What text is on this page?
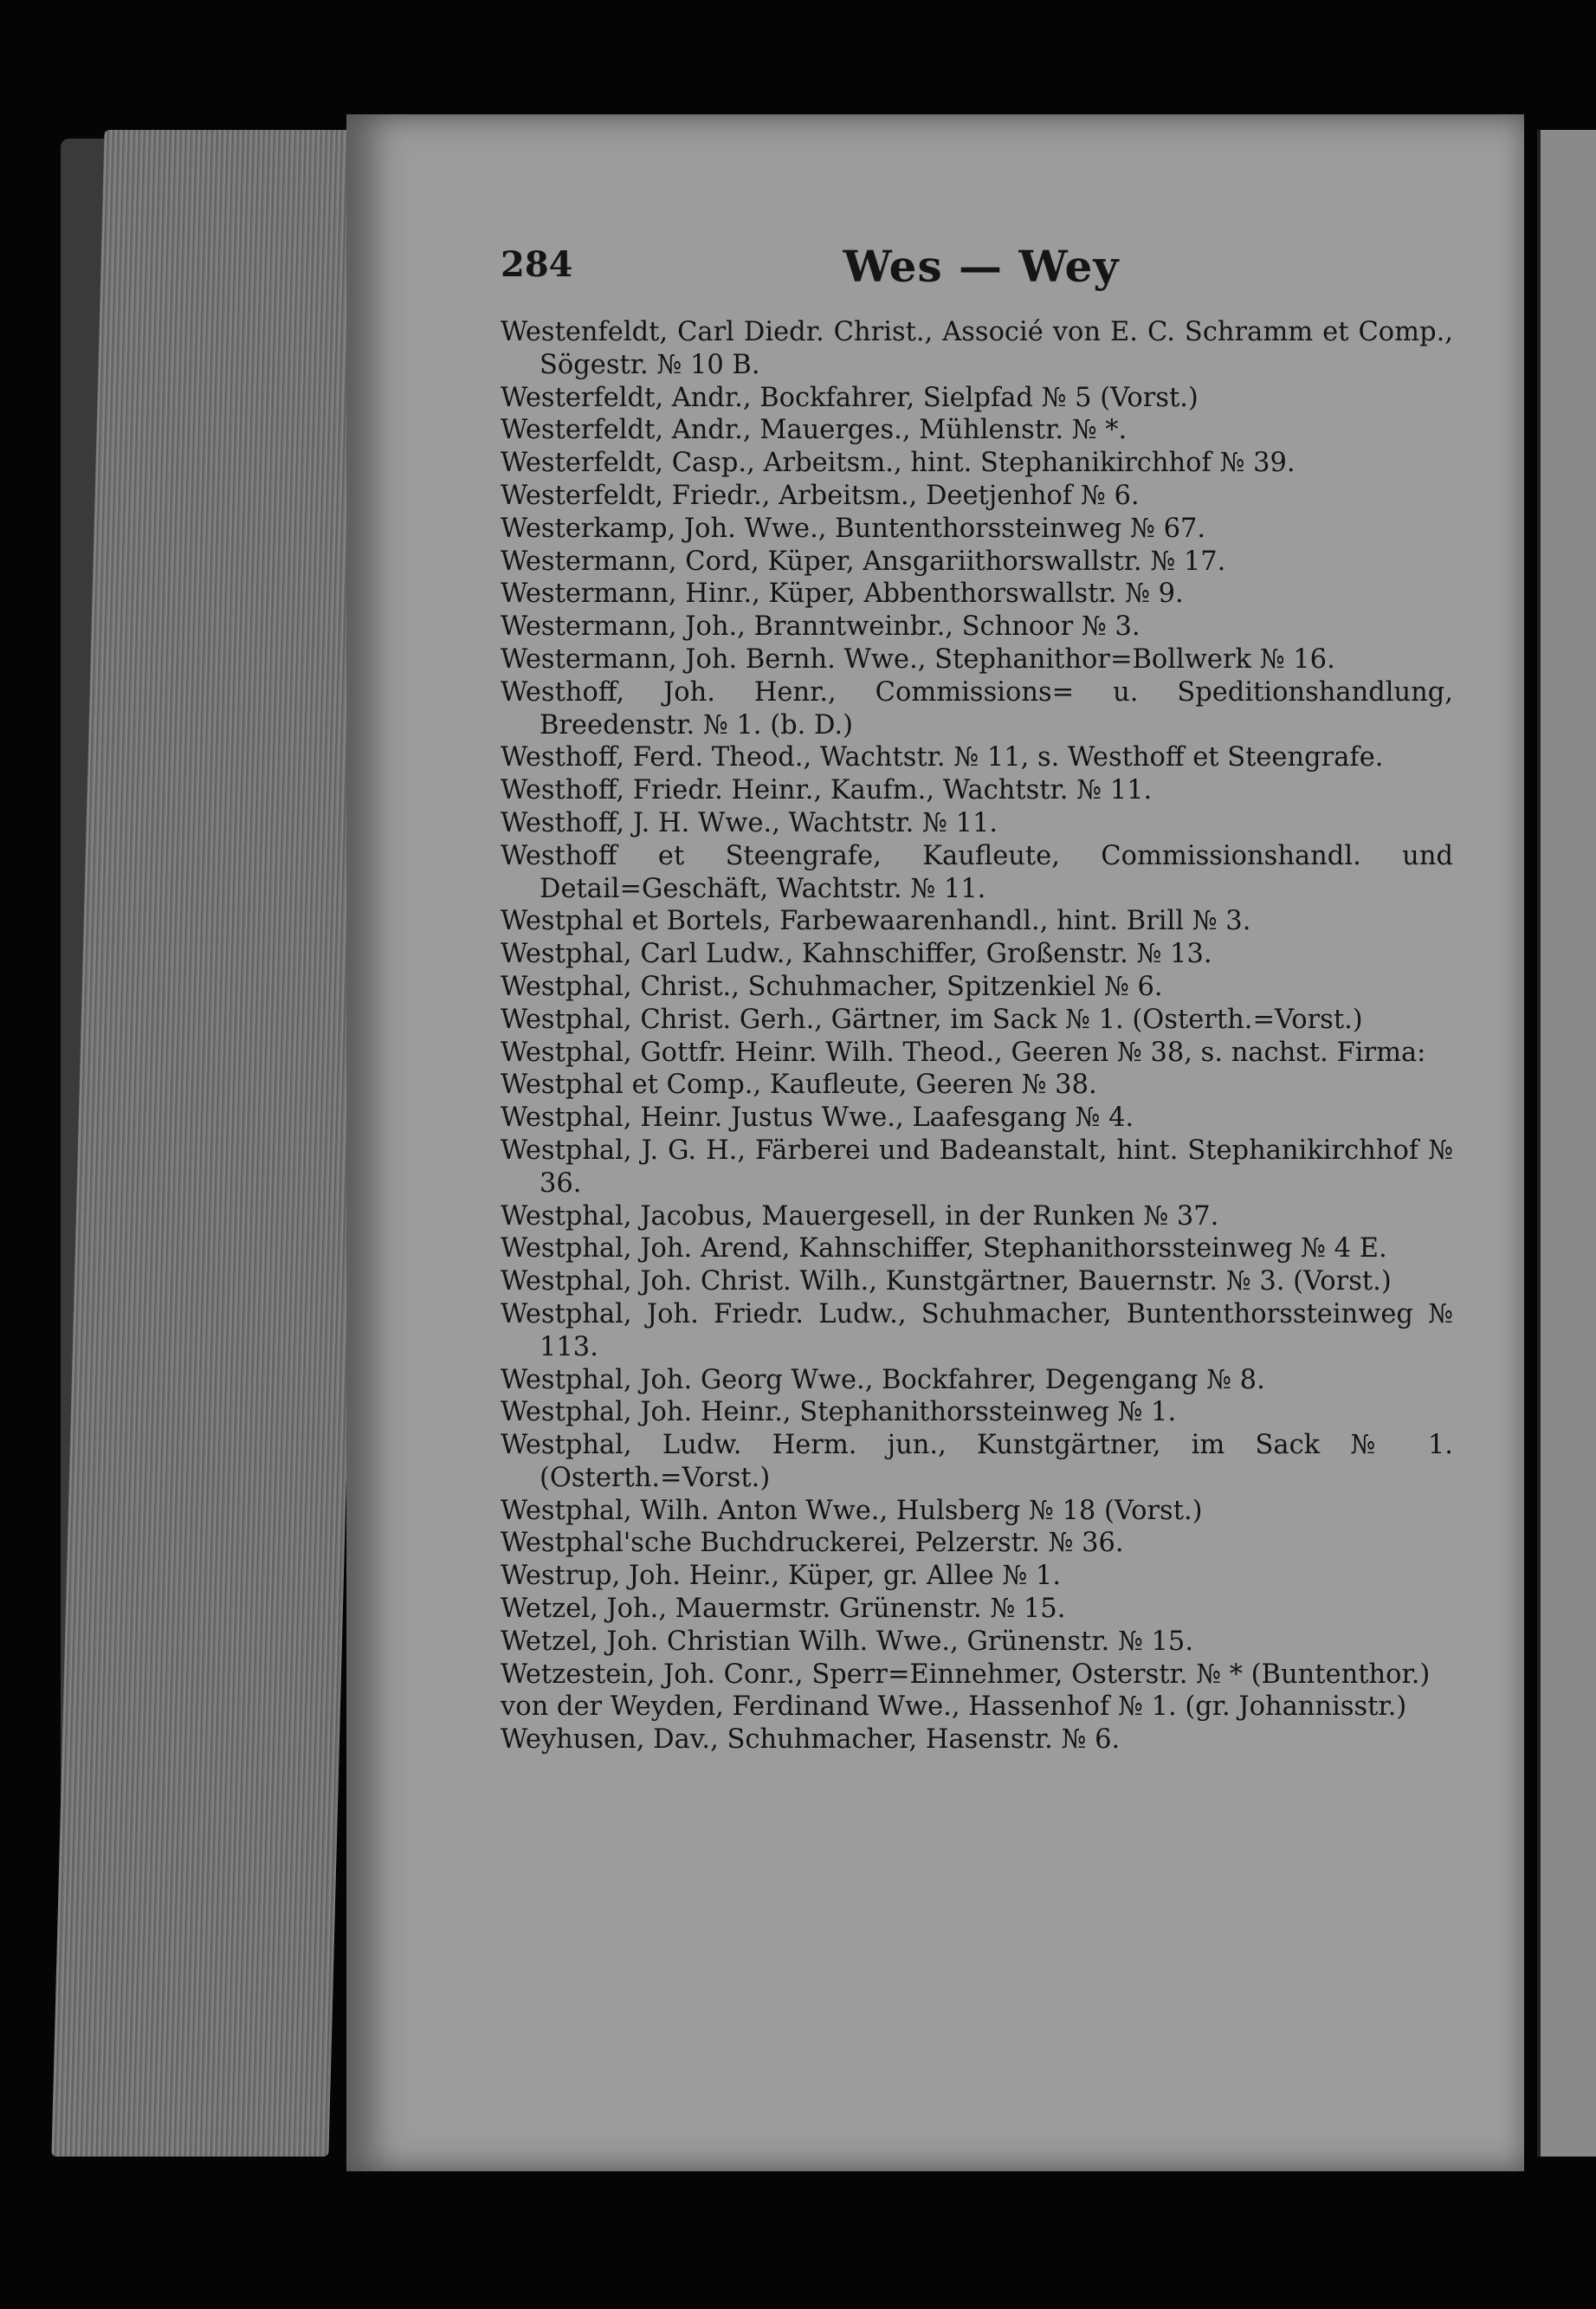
284	Wes — Wey

Westenfeldt, Carl Diedr. Christ., Associé von E. C. Schramm et Comp., Sögestr. № 10 B.

Westerfeldt, Andr., Bockfahrer, Sielpfad № 5 (Vorst.)

Westerfeldt, Andr., Mauerges., Mühlenstr. № *.

Westerfeldt, Casp., Arbeitsm., hint. Stephanikirchhof № 39.

Westerfeldt, Friedr., Arbeitsm., Deetjenhof № 6.

Westerkamp, Joh. Wwe., Buntenthorssteinweg № 67.

Westermann, Cord, Küper, Ansgariithorswallstr. № 17.

Westermann, Hinr., Küper, Abbenthorswallstr. № 9.

Westermann, Joh., Branntweinbr., Schnoor № 3.

Westermann, Joh. Bernh. Wwe., Stephanithor=Bollwerk № 16.

Westhoff, Joh. Henr., Commissions= u. Speditionshandlung, Breedenstr. № 1. (b. D.)

Westhoff, Ferd. Theod., Wachtstr. № 11, s. Westhoff et Steengrafe.

Westhoff, Friedr. Heinr., Kaufm., Wachtstr. № 11.

Westhoff, J. H. Wwe., Wachtstr. № 11.

Westhoff et Steengrafe, Kaufleute, Commissionshandl. und Detail=Geschäft, Wachtstr. № 11.

Westphal et Bortels, Farbewaarenhandl., hint. Brill № 3.

Westphal, Carl Ludw., Kahnschiffer, Großenstr. № 13.

Westphal, Christ., Schuhmacher, Spitzenkiel № 6.

Westphal, Christ. Gerh., Gärtner, im Sack № 1. (Osterth.=Vorst.)

Westphal, Gottfr. Heinr. Wilh. Theod., Geeren № 38, s. nachst. Firma:

Westphal et Comp., Kaufleute, Geeren № 38.

Westphal, Heinr. Justus Wwe., Laafesgang № 4.

Westphal, J. G. H., Färberei und Badeanstalt, hint. Stephanikirchhof № 36.

Westphal, Jacobus, Mauergesell, in der Runken № 37.

Westphal, Joh. Arend, Kahnschiffer, Stephanithorssteinweg № 4 E.

Westphal, Joh. Christ. Wilh., Kunstgärtner, Bauernstr. № 3. (Vorst.)

Westphal, Joh. Friedr. Ludw., Schuhmacher, Buntenthorssteinweg № 113.

Westphal, Joh. Georg Wwe., Bockfahrer, Degengang № 8.

Westphal, Joh. Heinr., Stephanithorssteinweg № 1.

Westphal, Ludw. Herm. jun., Kunstgärtner, im Sack № 1. (Osterth.=Vorst.)

Westphal, Wilh. Anton Wwe., Hulsberg № 18 (Vorst.)

Westphal'sche Buchdruckerei, Pelzerstr. № 36.

Westrup, Joh. Heinr., Küper, gr. Allee № 1.

Wetzel, Joh., Mauermstr. Grünenstr. № 15.

Wetzel, Joh. Christian Wilh. Wwe., Grünenstr. № 15.

Wetzestein, Joh. Conr., Sperr=Einnehmer, Osterstr. № * (Buntenthor.)

von der Weyden, Ferdinand Wwe., Hassenhof № 1. (gr. Johannisstr.)

Weyhusen, Dav., Schuhmacher, Hasenstr. № 6.
